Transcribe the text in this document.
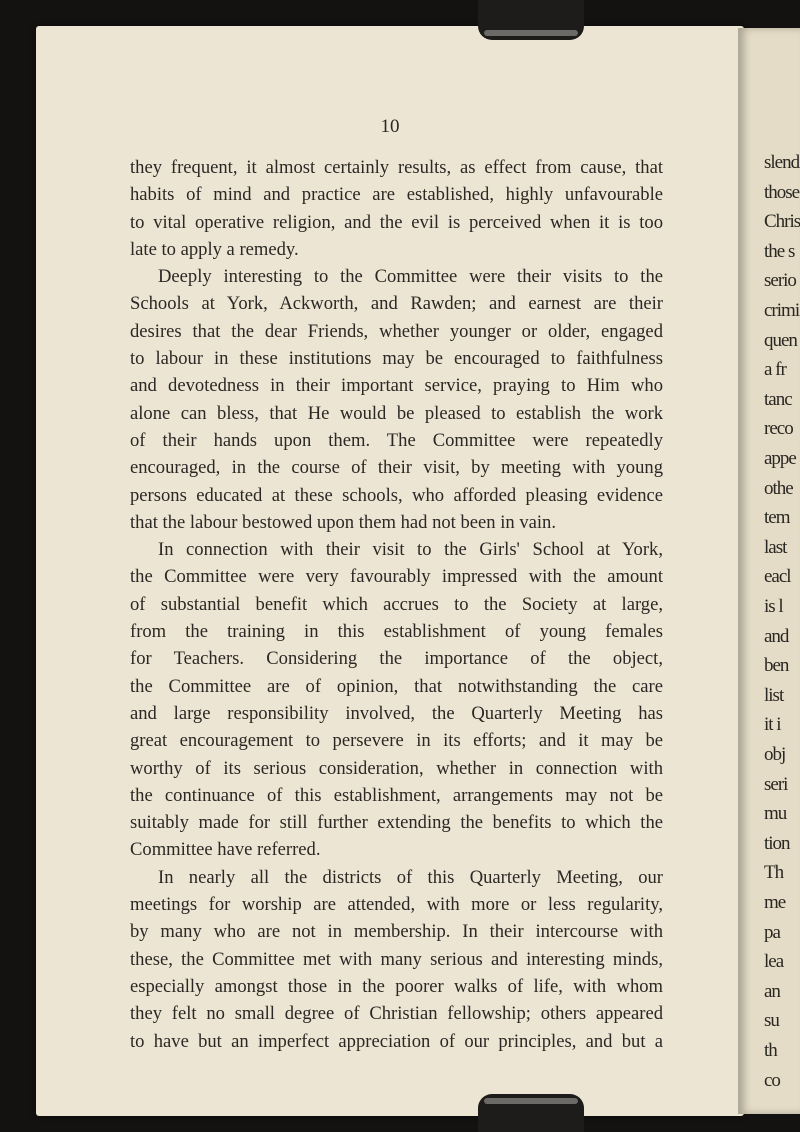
10
they frequent, it almost certainly results, as effect from cause, that
habits of mind and practice are established, highly unfavourable
to vital operative religion, and the evil is perceived when it is too
late to apply a remedy.
Deeply interesting to the Committee were their visits to the
Schools at York, Ackworth, and Rawden; and earnest are their
desires that the dear Friends, whether younger or older, engaged
to labour in these institutions may be encouraged to faithfulness
and devotedness in their important service, praying to Him who
alone can bless, that He would be pleased to establish the work
of their hands upon them. The Committee were repeatedly
encouraged, in the course of their visit, by meeting with young
persons educated at these schools, who afforded pleasing evidence
that the labour bestowed upon them had not been in vain.
In connection with their visit to the Girls' School at York,
the Committee were very favourably impressed with the amount
of substantial benefit which accrues to the Society at large,
from the training in this establishment of young females
for Teachers. Considering the importance of the object,
the Committee are of opinion, that notwithstanding the care
and large responsibility involved, the Quarterly Meeting has
great encouragement to persevere in its efforts; and it may be
worthy of its serious consideration, whether in connection with
the continuance of this establishment, arrangements may not be
suitably made for still further extending the benefits to which the
Committee have referred.
In nearly all the districts of this Quarterly Meeting, our
meetings for worship are attended, with more or less regularity,
by many who are not in membership. In their intercourse with
these, the Committee met with many serious and interesting minds,
especially amongst those in the poorer walks of life, with whom
they felt no small degree of Christian fellowship; others appeared
to have but an imperfect appreciation of our principles, and but a
slend
those
Chris
the s
serio
crimi
quen
a fr
tanc
reco
appe
othe
tem
last
eacl
is l
and
ben
list
it i
obj
seri
mu
tion
Th
me
pa
lea
an
su
th
co
